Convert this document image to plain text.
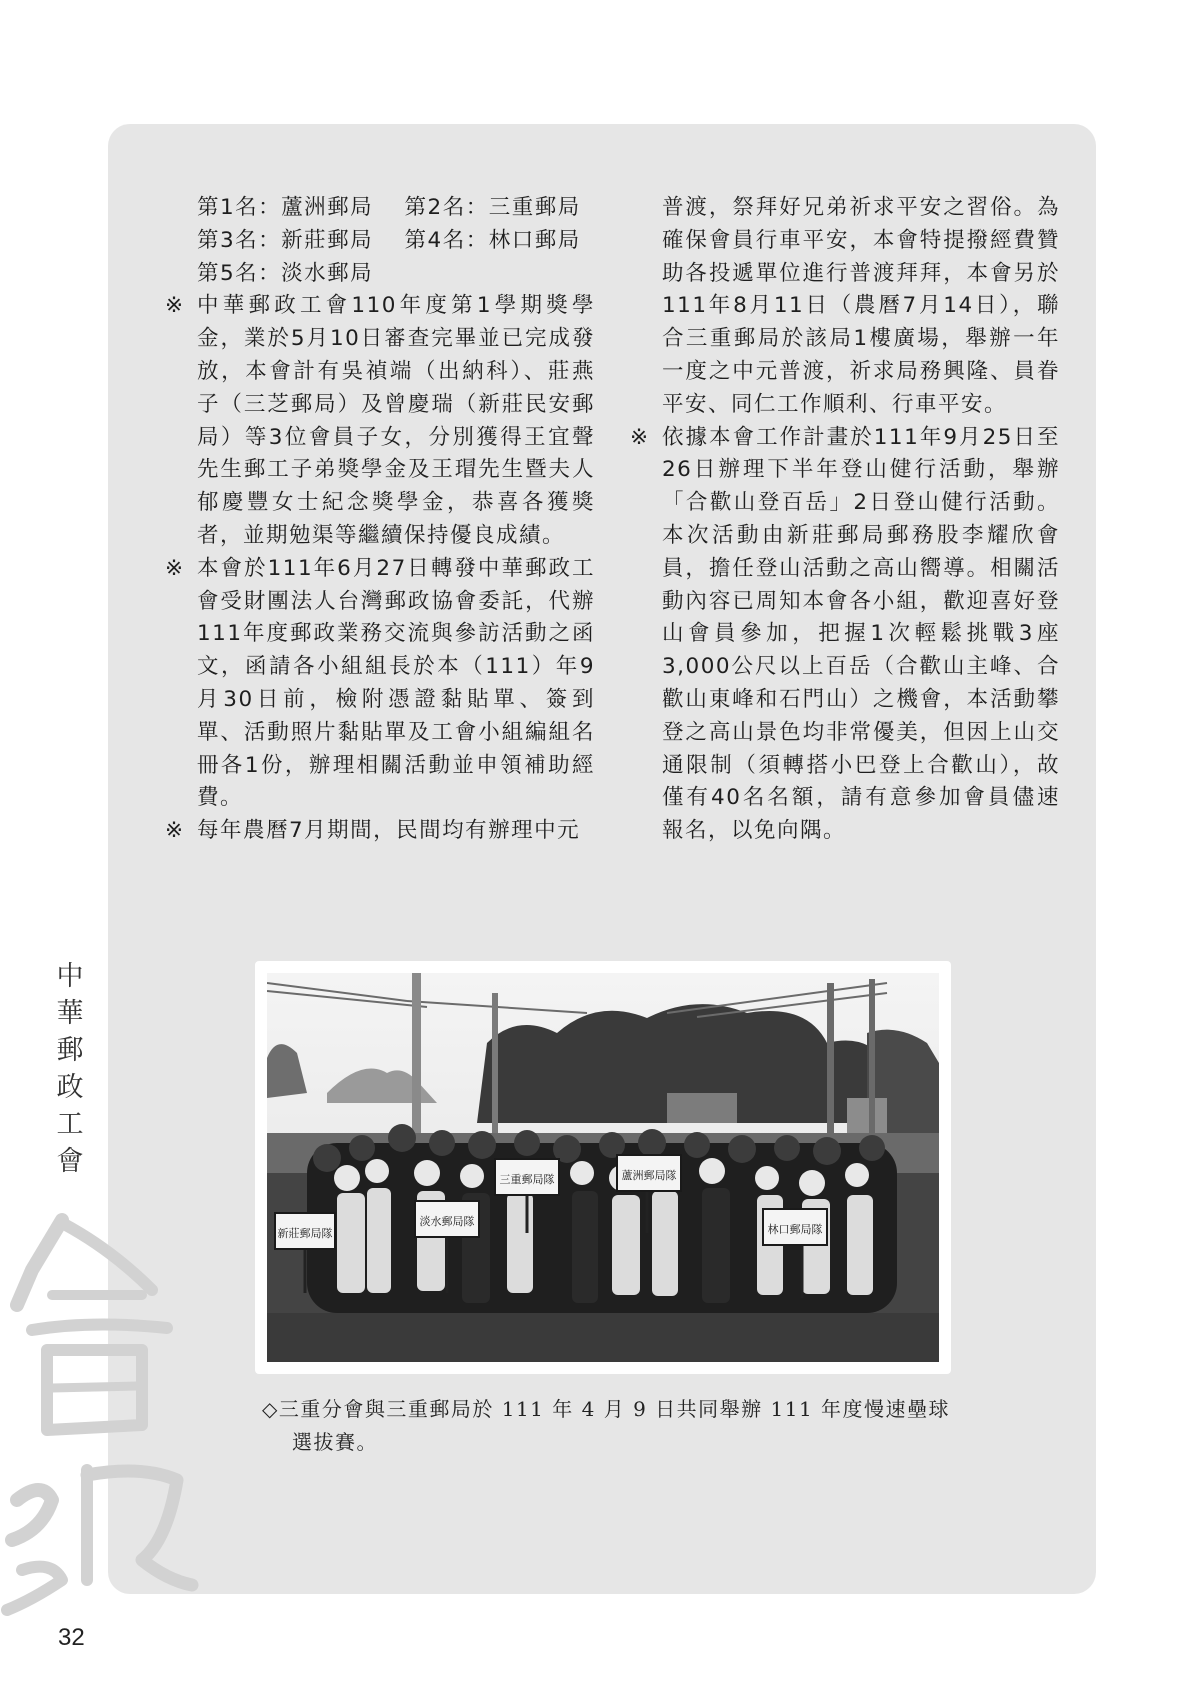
中華郵政工會
第1名：蘆洲郵局　 第2名：三重郵局
第3名：新莊郵局　 第4名：林口郵局
第5名：淡水郵局
※ 中華郵政工會110年度第1學期獎學金，業於5月10日審查完畢並已完成發放，本會計有吳禎端（出納科）、莊燕子（三芝郵局）及曾慶瑞（新莊民安郵局）等3位會員子女，分別獲得王宜聲先生郵工子弟獎學金及王瑁先生暨夫人郁慶豐女士紀念獎學金，恭喜各獲獎者，並期勉渠等繼續保持優良成績。
※ 本會於111年6月27日轉發中華郵政工會受財團法人台灣郵政協會委託，代辦111年度郵政業務交流與參訪活動之函文，函請各小組組長於本（111）年9月30日前，檢附憑證黏貼單、簽到單、活動照片黏貼單及工會小組編組名冊各1份，辦理相關活動並申領補助經費。
※ 每年農曆7月期間，民間均有辦理中元
普渡，祭拜好兄弟祈求平安之習俗。為確保會員行車平安，本會特提撥經費贊助各投遞單位進行普渡拜拜，本會另於111年8月11日（農曆7月14日），聯合三重郵局於該局1樓廣場，舉辦一年一度之中元普渡，祈求局務興隆、員眷平安、同仁工作順利、行車平安。
※ 依據本會工作計畫於111年9月25日至26日辦理下半年登山健行活動，舉辦「合歡山登百岳」2日登山健行活動。本次活動由新莊郵局郵務股李耀欣會員，擔任登山活動之高山嚮導。相關活動內容已周知本會各小組，歡迎喜好登山會員參加，把握1次輕鬆挑戰3座3,000公尺以上百岳（合歡山主峰、合歡山東峰和石門山）之機會，本活動攀登之高山景色均非常優美，但因上山交通限制（須轉搭小巴登上合歡山），故僅有40名名額，請有意參加會員儘速報名，以免向隅。
新莊郵局隊
淡水郵局隊
三重郵局隊	蘆洲郵局隊
林口郵局隊
◇三重分會與三重郵局於 111 年 4 月 9 日共同舉辦 111 年度慢速壘球
選拔賽。
32
